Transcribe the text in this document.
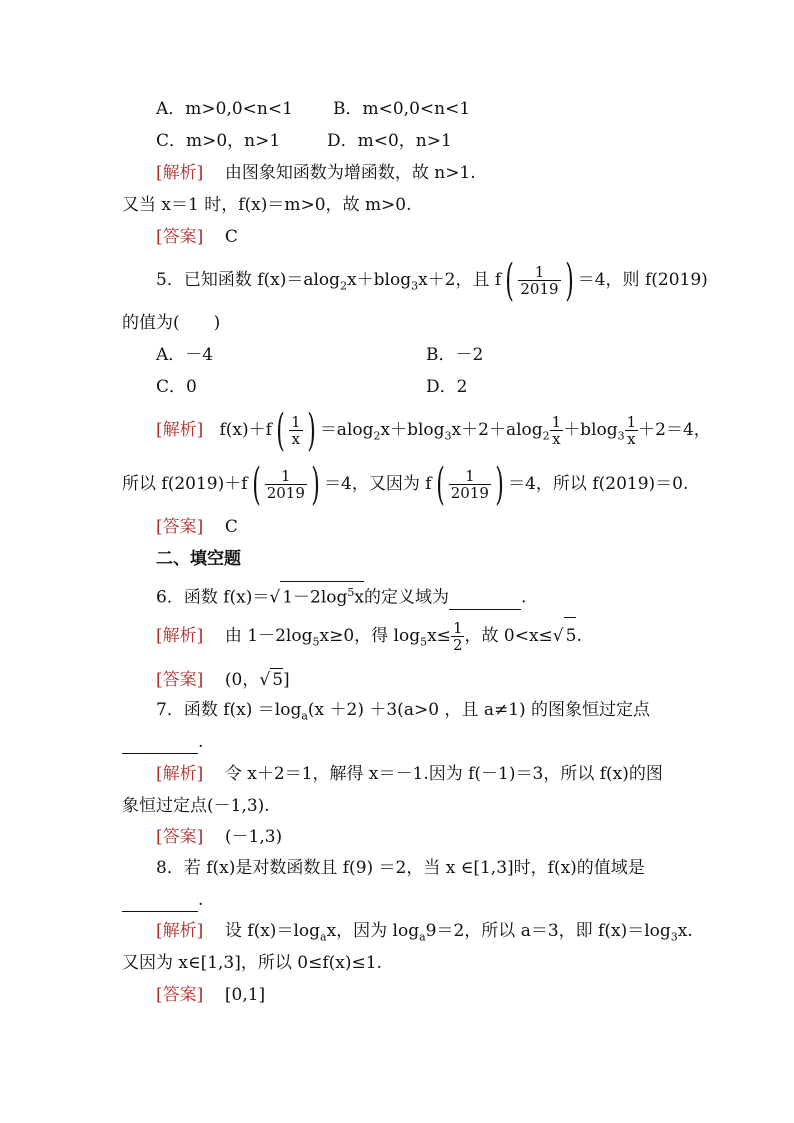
A．m>0,0<n<1 B．m<0,0<n<1
C．m>0，n>1	D．m<0，n>1
[解析] 由图象知函数为增函数，故 n>1.
又当 x＝1 时，f(x)＝m>0，故 m>0.
[答案] C
5．已知函数 f(x)＝alog$_2$x＋blog$_3$x＋2，且 f ( $\frac{1}{2019}$ ) ＝4，则 f(2019)
的值为(　　)
A．－4	B．－2
C．0	D．2
[解析] f(x)＋f ( $\frac{1}{x}$ ) $=alog_2x+blog_3x+2+alog_2 \frac{1}{x} +blog_3 \frac{1}{x} +2=4$，
所以 f(2019)＋f ( $\frac{1}{2019}$ ) ＝4，又因为 f ( $\frac{1}{2019}$ ) ＝4，所以 f(2019)＝0.
[答案] C
二、填空题
6．函数 f(x)＝√ $1-2\log^5x$的定义域为	.
[解析] 由 $1-2\log_5x\ge 0$，得 $\log_5x\le \frac{1}{2}$ ，故 0<x≤√ 5.
[答案] (0，√ 5]
7．函数 $f(x) =\log_a(x +2) +3(a>0$ ，且 a≠1) 的图象恒过定点
.
[解析] 令 x＋2＝1，解得 x＝－1.因为 f(－1)＝3，所以 f(x)的图
象恒过定点(－1,3).
[答案] (－1,3)
8．若 f(x)是对数函数且 f(9) ＝2，当 x ∈[1,3]时，f(x)的值域是
.
[解析] 设 $f(x)=\log_ax$，因为 $\log_a9=2$，所以 a＝3，即 $f(x)=\log_3x$.
又因为 x∈[1,3]，所以 0≤f(x)≤1.
[答案] [0,1]
